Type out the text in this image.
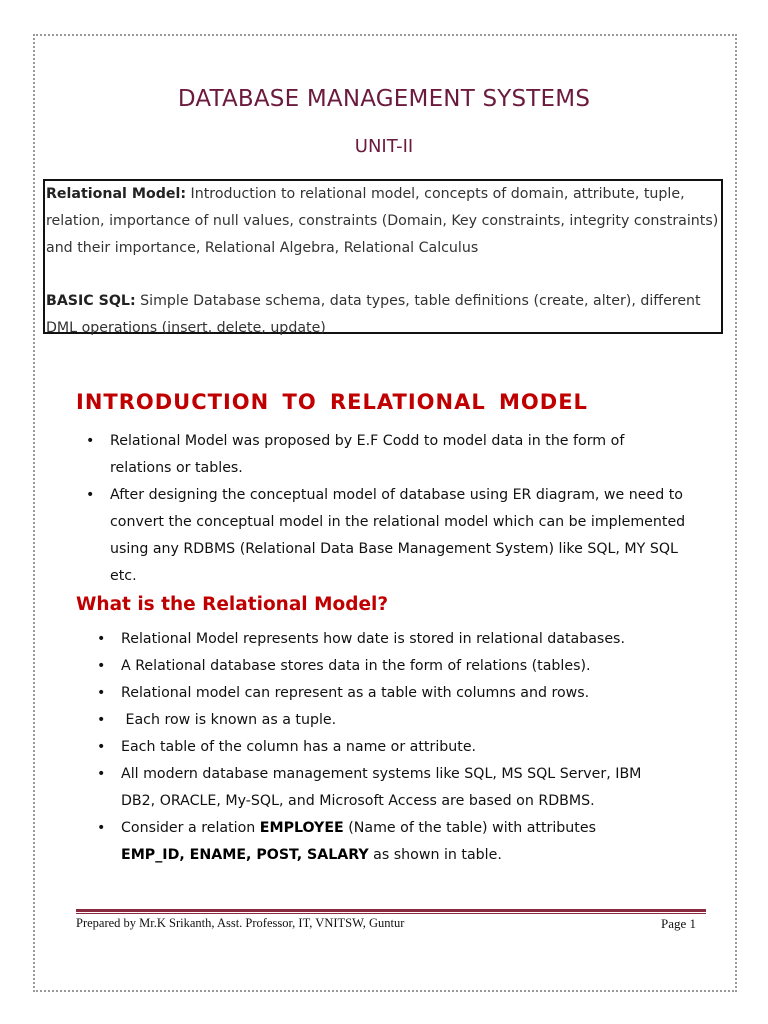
DATABASE MANAGEMENT SYSTEMS
UNIT-II

Relational Model: Introduction to relational model, concepts of domain, attribute, tuple, relation, importance of null values, constraints (Domain, Key constraints, integrity constraints) and their importance, Relational Algebra, Relational Calculus

BASIC SQL: Simple Database schema, data types, table definitions (create, alter), different DML operations (insert, delete, update)

INTRODUCTION TO RELATIONAL MODEL
• Relational Model was proposed by E.F Codd to model data in the form of relations or tables.
• After designing the conceptual model of database using ER diagram, we need to convert the conceptual model in the relational model which can be implemented using any RDBMS (Relational Data Base Management System) like SQL, MY SQL etc.
What is the Relational Model?
• Relational Model represents how date is stored in relational databases.
• A Relational database stores data in the form of relations (tables).
• Relational model can represent as a table with columns and rows.
•  Each row is known as a tuple.
• Each table of the column has a name or attribute.
• All modern database management systems like SQL, MS SQL Server, IBM DB2, ORACLE, My-SQL, and Microsoft Access are based on RDBMS.
• Consider a relation EMPLOYEE (Name of the table) with attributes EMP_ID, ENAME, POST, SALARY as shown in table.
Prepared by Mr.K Srikanth, Asst. Professor, IT, VNITSW, Guntur	Page 1
